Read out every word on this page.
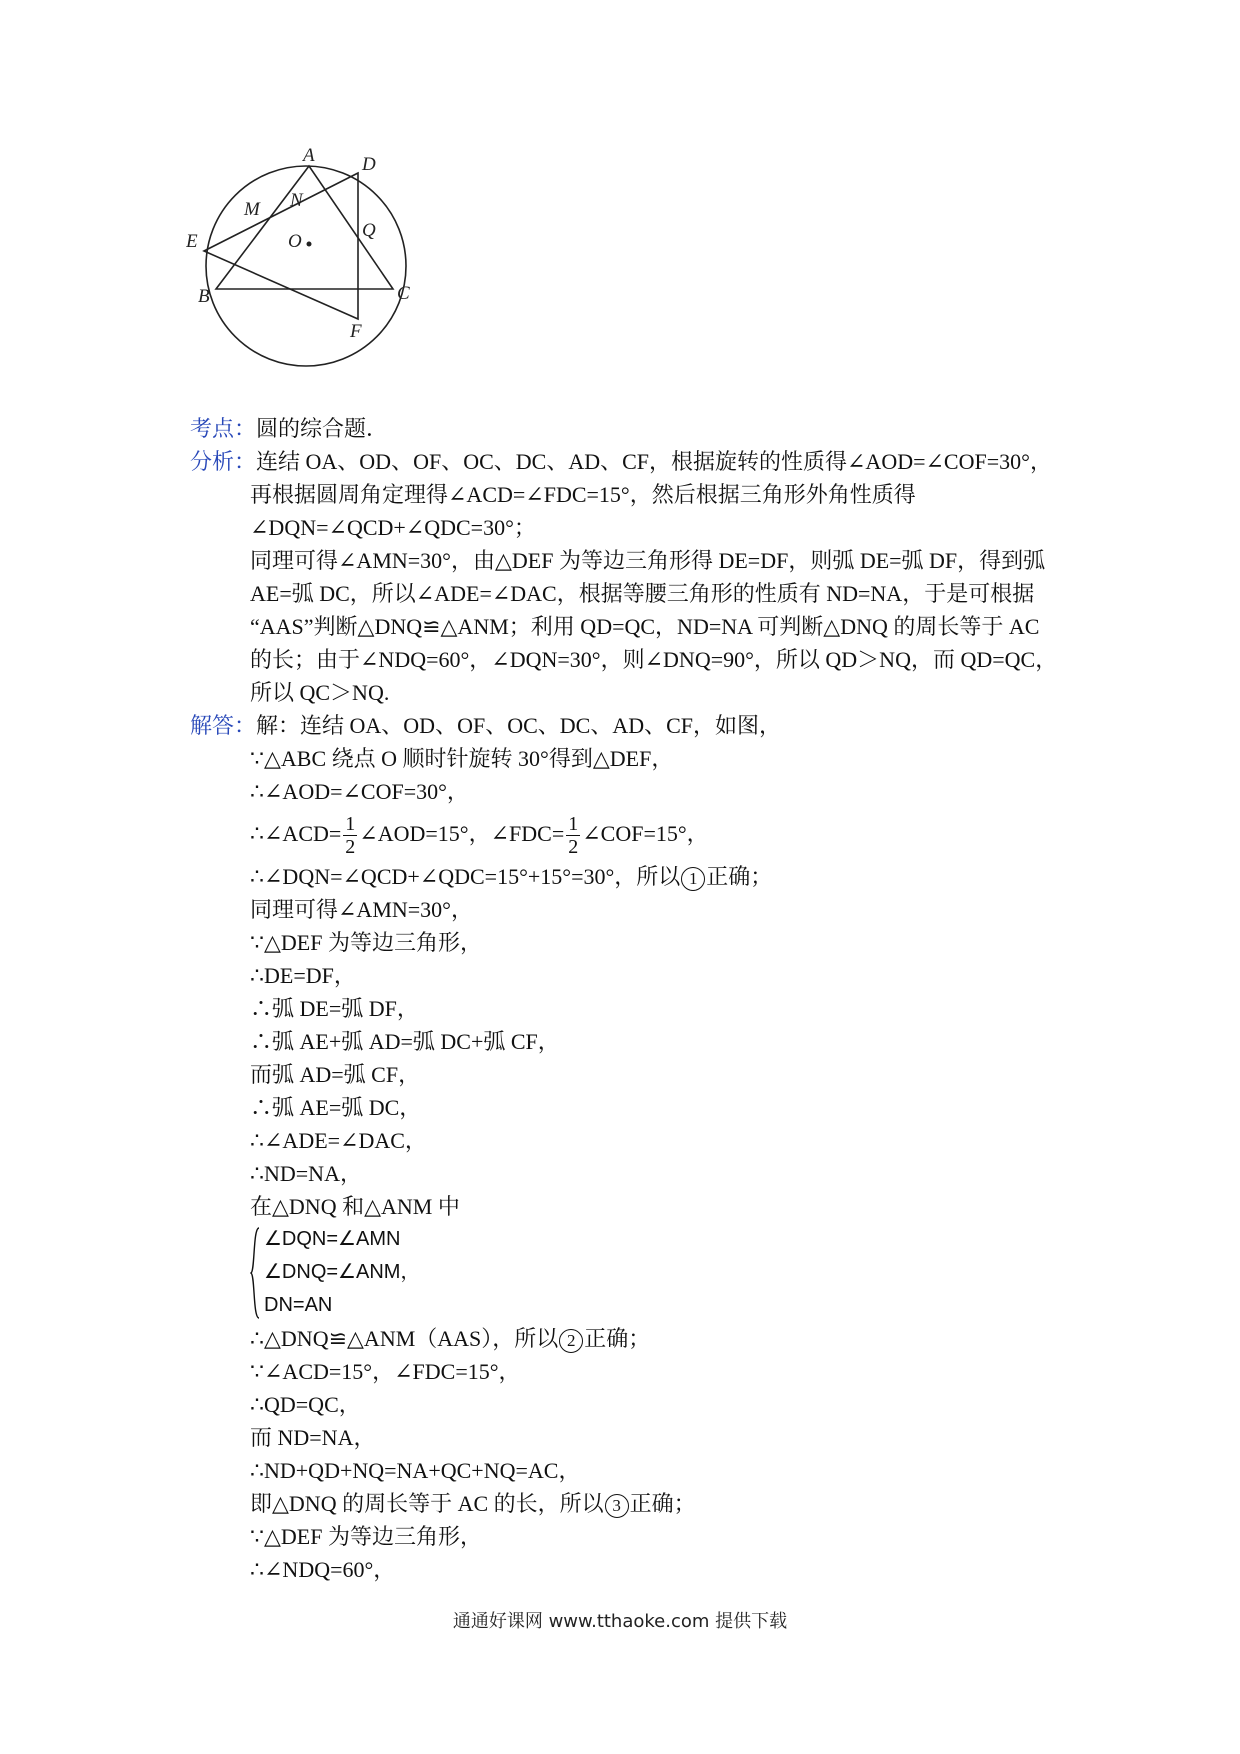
A D
M N
Q
E	O
B	C
F
考点：圆的综合题．
分析：连结 OA、OD、OF、OC、DC、AD、CF，根据旋转的性质得∠AOD=∠COF=30°，
再根据圆周角定理得∠ACD=∠FDC=15°，然后根据三角形外角性质得
∠DQN=∠QCD+∠QDC=30°；
同理可得∠AMN=30°，由△DEF 为等边三角形得 DE=DF，则弧 DE=弧 DF，得到弧
AE=弧 DC，所以∠ADE=∠DAC，根据等腰三角形的性质有 ND=NA，于是可根据
“AAS”判断△DNQ≌△ANM；利用 QD=QC，ND=NA 可判断△DNQ 的周长等于 AC
的长；由于∠NDQ=60°，∠DQN=30°，则∠DNQ=90°，所以 QD＞NQ，而 QD=QC，
所以 QC＞NQ.
解答：解：连结 OA、OD、OF、OC、DC、AD、CF，如图，
∵△ABC 绕点 O 顺时针旋转 30°得到△DEF，
∴∠AOD=∠COF=30°，
∴∠ACD= $\frac{1}{2}$ ∠AOD=15°，∠FDC= $\frac{1}{2}$ ∠COF=15°，
∴∠DQN=∠QCD+∠QDC=15°+15°=30°，所以 1 正确；
同理可得∠AMN=30°，
∵△DEF 为等边三角形，
∴DE=DF，
∴弧 DE=弧 DF，
∴弧 AE+弧 AD=弧 DC+弧 CF，
而弧 AD=弧 CF，
∴弧 AE=弧 DC，
∴∠ADE=∠DAC，
∴ND=NA，
在△DNQ 和△ANM 中
∠DQN=∠AMN
∠DNQ=∠ANM，
DN=AN
∴△DNQ≌△ANM（AAS），所以 2 正确；
∵∠ACD=15°，∠FDC=15°，
∴QD=QC，
而 ND=NA，
∴ND+QD+NQ=NA+QC+NQ=AC，
即△DNQ 的周长等于 AC 的长，所以 3 正确；
∵△DEF 为等边三角形，
∴∠NDQ=60°，
通通好课网 www.tthaoke.com 提供下载
